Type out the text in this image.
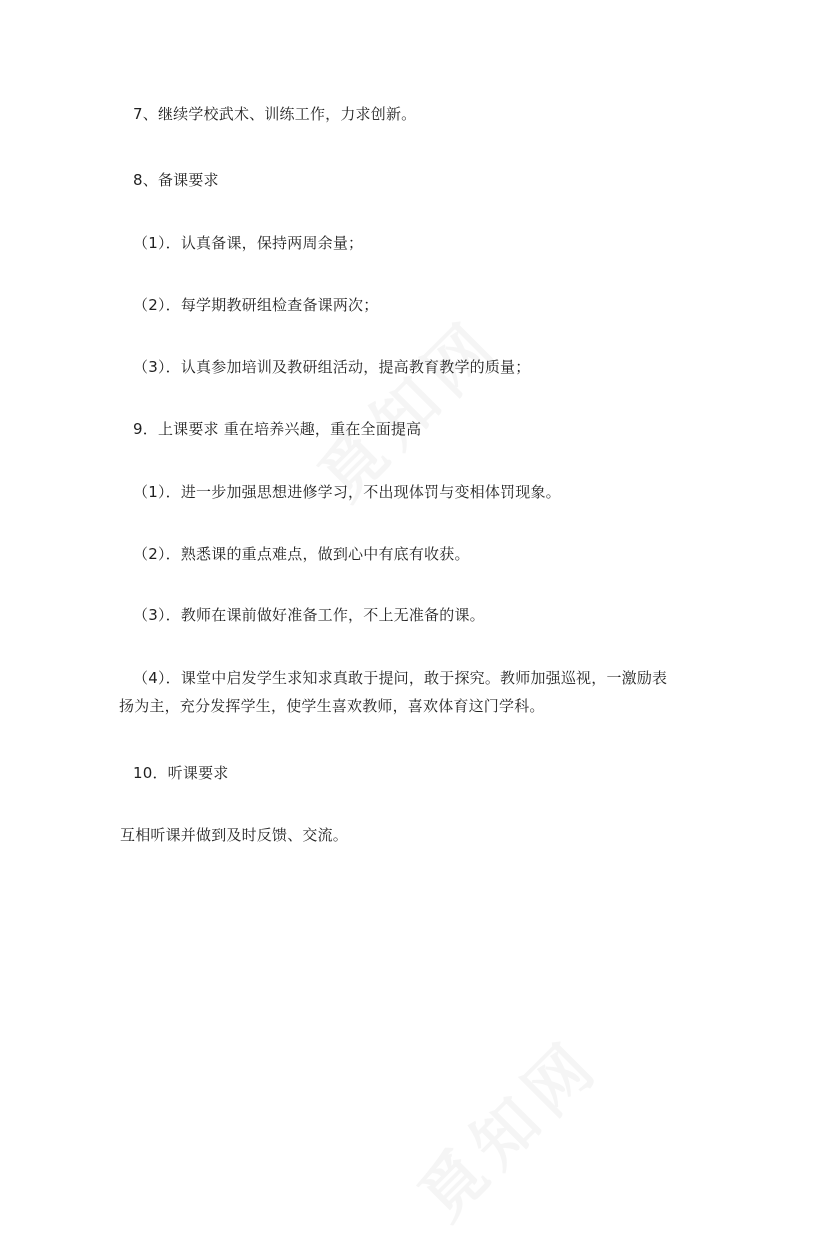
7、继续学校武术、训练工作，力求创新。
8、备课要求
（1）．认真备课，保持两周余量；
（2）．每学期教研组检查备课两次；
（3）．认真参加培训及教研组活动，提高教育教学的质量；
9．上课要求 重在培养兴趣，重在全面提高
（1）．进一步加强思想进修学习，不出现体罚与变相体罚现象。
（2）．熟悉课的重点难点，做到心中有底有收获。
（3）．教师在课前做好准备工作，不上无准备的课。
（4）．课堂中启发学生求知求真敢于提问，敢于探究。教师加强巡视，一激励表
扬为主，充分发挥学生，使学生喜欢教师，喜欢体育这门学科。
10．听课要求
互相听课并做到及时反馈、交流。
